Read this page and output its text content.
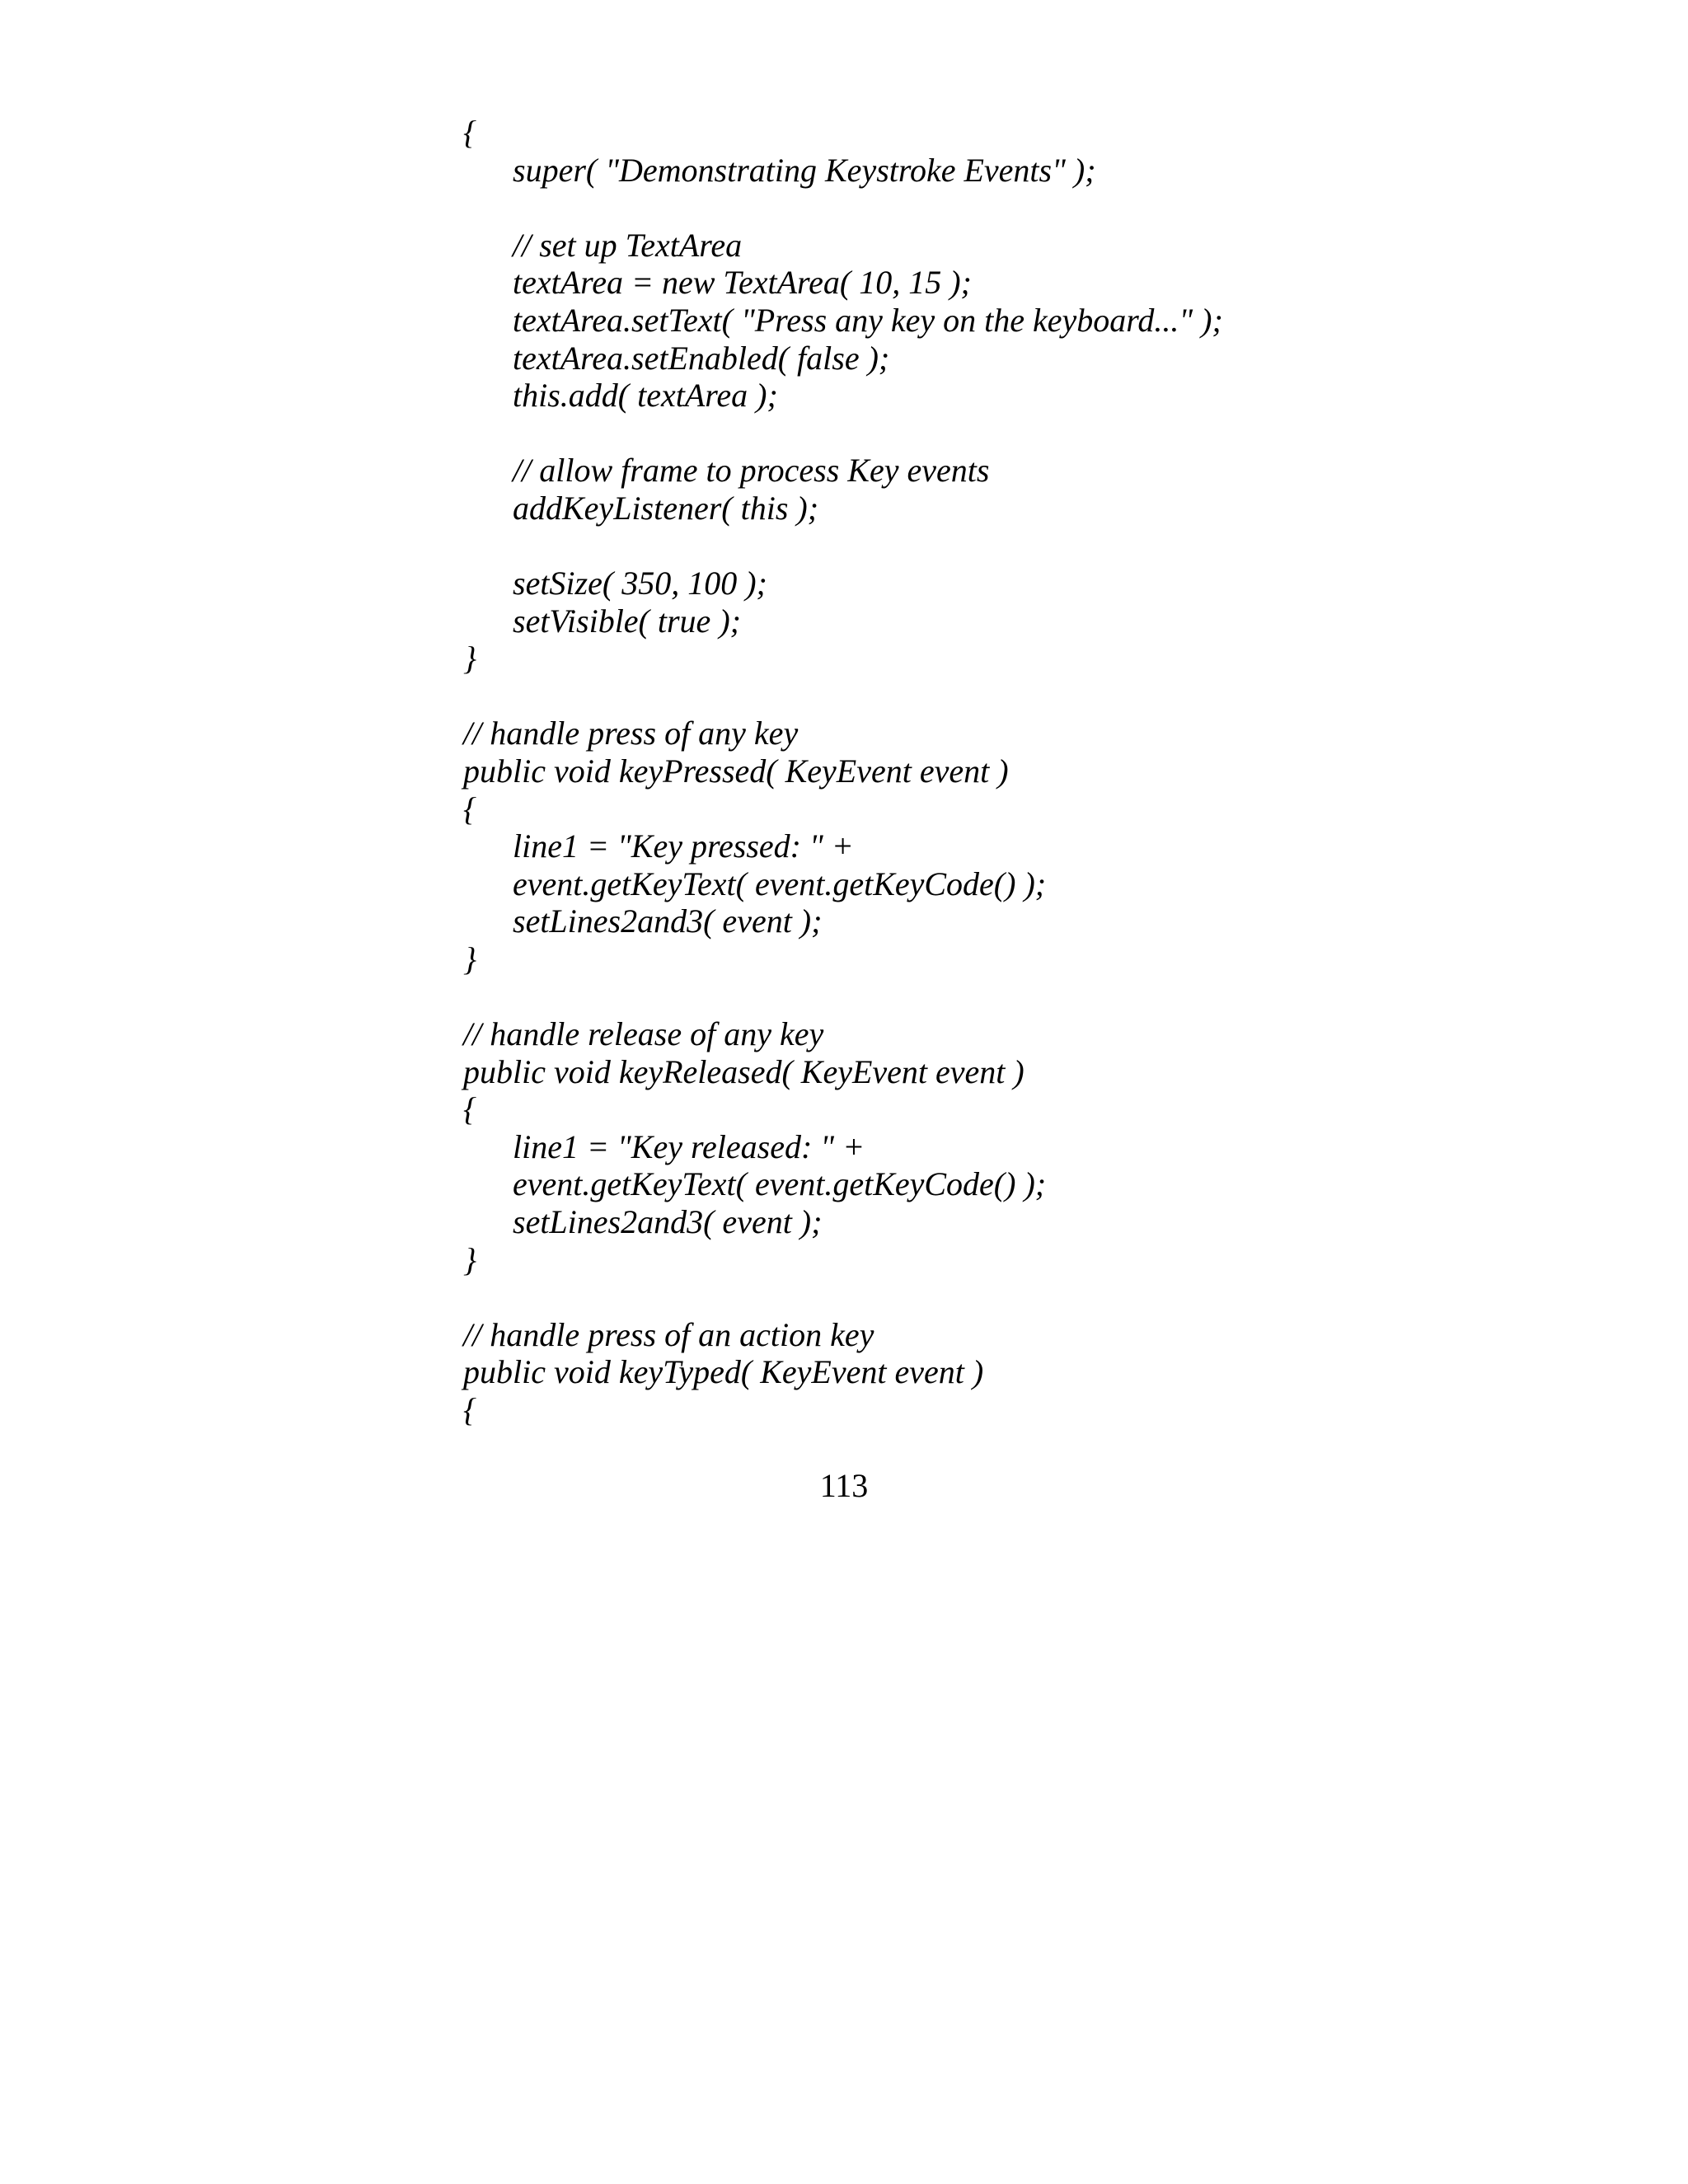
{
super( "Demonstrating Keystroke Events" );
// set up TextArea
textArea = new TextArea( 10, 15 );
textArea.setText( "Press any key on the keyboard..." );
textArea.setEnabled( false );
this.add( textArea );
// allow frame to process Key events
addKeyListener( this );
setSize( 350, 100 );
setVisible( true );
}
// handle press of any key
public void keyPressed( KeyEvent event )
{
line1 = "Key pressed: " +
event.getKeyText( event.getKeyCode() );
setLines2and3( event );
}
// handle release of any key
public void keyReleased( KeyEvent event )
{
line1 = "Key released: " +
event.getKeyText( event.getKeyCode() );
setLines2and3( event );
}
// handle press of an action key
public void keyTyped( KeyEvent event )
{
113
